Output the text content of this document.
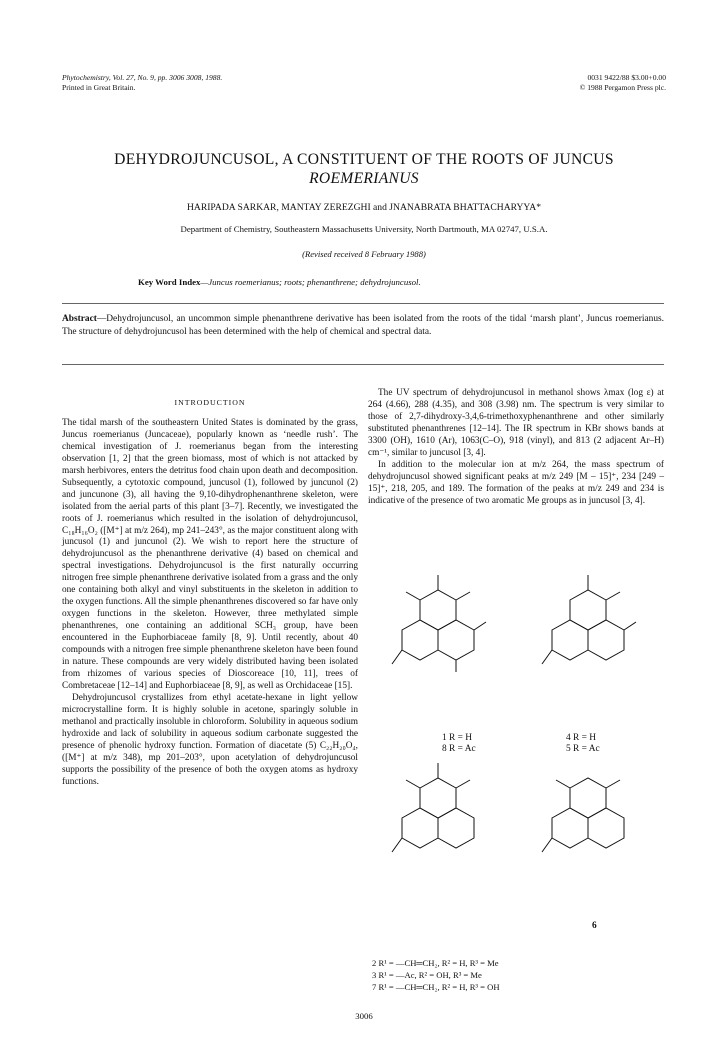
Phytochemistry, Vol. 27, No. 9, pp. 3006 3008, 1988.
Printed in Great Britain.
0031 9422/88 $3.00+0.00
© 1988 Pergamon Press plc.
DEHYDROJUNCUSOL, A CONSTITUENT OF THE ROOTS OF JUNCUS
ROEMERIANUS
HARIPADA SARKAR, MANTAY ZEREZGHI and JNANABRATA BHATTACHARYYA*
Department of Chemistry, Southeastern Massachusetts University, North Dartmouth, MA 02747, U.S.A.
(Revised received 8 February 1988)
Key Word Index—Juncus roemerianus; roots; phenanthrene; dehydrojuncusol.
Abstract—Dehydrojuncusol, an uncommon simple phenanthrene derivative has been isolated from the roots of the tidal ‘marsh plant’, Juncus roemerianus. The structure of dehydrojuncusol has been determined with the help of chemical and spectral data.
INTRODUCTION

The tidal marsh of the southeastern United States is dominated by the grass, Juncus roemerianus (Juncaceae), popularly known as ‘needle rush’. The chemical investigation of J. roemerianus began from the interesting observation [1, 2] that the green biomass, most of which is not attacked by marsh herbivores, enters the detritus food chain upon death and decomposition. Subsequently, a cytotoxic compound, juncusol (1), followed by juncunol (2) and juncunone (3), all having the 9,10-dihydrophenanthrene skeleton, were isolated from the aerial parts of this plant [3–7]. Recently, we investigated the roots of J. roemerianus which resulted in the isolation of dehydrojuncusol, C₁₈H₁₆O₂ ([M⁺] at m/z 264), mp 241–243°, as the major constituent along with juncusol (1) and juncunol (2). We wish to report here the structure of dehydrojuncusol as the phenanthrene derivative (4) based on chemical and spectral investigations. Dehydrojuncusol is the first naturally occurring nitrogen free simple phenanthrene derivative isolated from a grass and the only one containing both alkyl and vinyl substituents in the skeleton in addition to the oxygen functions. All the simple phenanthrenes discovered so far have only oxygen functions in the skeleton. However, three methylated simple phenanthrenes, one containing an additional SCH₃ group, have been encountered in the Euphorbiaceae family [8, 9]. Until recently, about 40 compounds with a nitrogen free simple phenanthrene skeleton have been found in nature. These compounds are very widely distributed having been isolated from rhizomes of various species of Dioscoreace [10, 11], trees of Combretaceae [12–14] and Euphorbiaceae [8, 9], as well as Orchidaceae [15].

Dehydrojuncusol crystallizes from ethyl acetate-hexane in light yellow microcrystalline form. It is highly soluble in acetone, sparingly soluble in methanol and practically insoluble in chloroform. Solubility in aqueous sodium hydroxide and lack of solubility in aqueous sodium carbonate suggested the presence of phenolic hydroxy function. Formation of diacetate (5) C₂₂H₂₀O₄, ([M⁺] at m/z 348), mp 201–203°, upon acetylation of dehydrojuncusol supports the possibility of the presence of both the oxygen atoms as hydroxy functions.

The UV spectrum of dehydrojuncusol in methanol shows λmax (log ε) at 264 (4.66), 288 (4.35), and 308 (3.98) nm. The spectrum is very similar to those of 2,7-dihydroxy-3,4,6-trimethoxyphenanthrene and other similarly substituted phenanthrenes [12–14]. The IR spectrum in KBr shows bands at 3300 (OH), 1610 (Ar), 1063(C–O), 918 (vinyl), and 813 (2 adjacent Ar–H) cm⁻¹, similar to juncusol [3, 4].

In addition to the molecular ion at m/z 264, the mass spectrum of dehydrojuncusol showed significant peaks at m/z 249 [M – 15]⁺, 234 [249 – 15]⁺, 218, 205, and 189. The formation of the peaks at m/z 249 and 234 is indicative of the presence of two aromatic Me groups as in juncusol [3, 4].

1 R = H
8 R = Ac
4 R = H
5 R = Ac
6
2 R¹ = —CH═CH₂, R² = H, R³ = Me
3 R¹ = —Ac, R² = OH, R³ = Me
7 R¹ = —CH═CH₂, R² = H, R³ = OH
3006
